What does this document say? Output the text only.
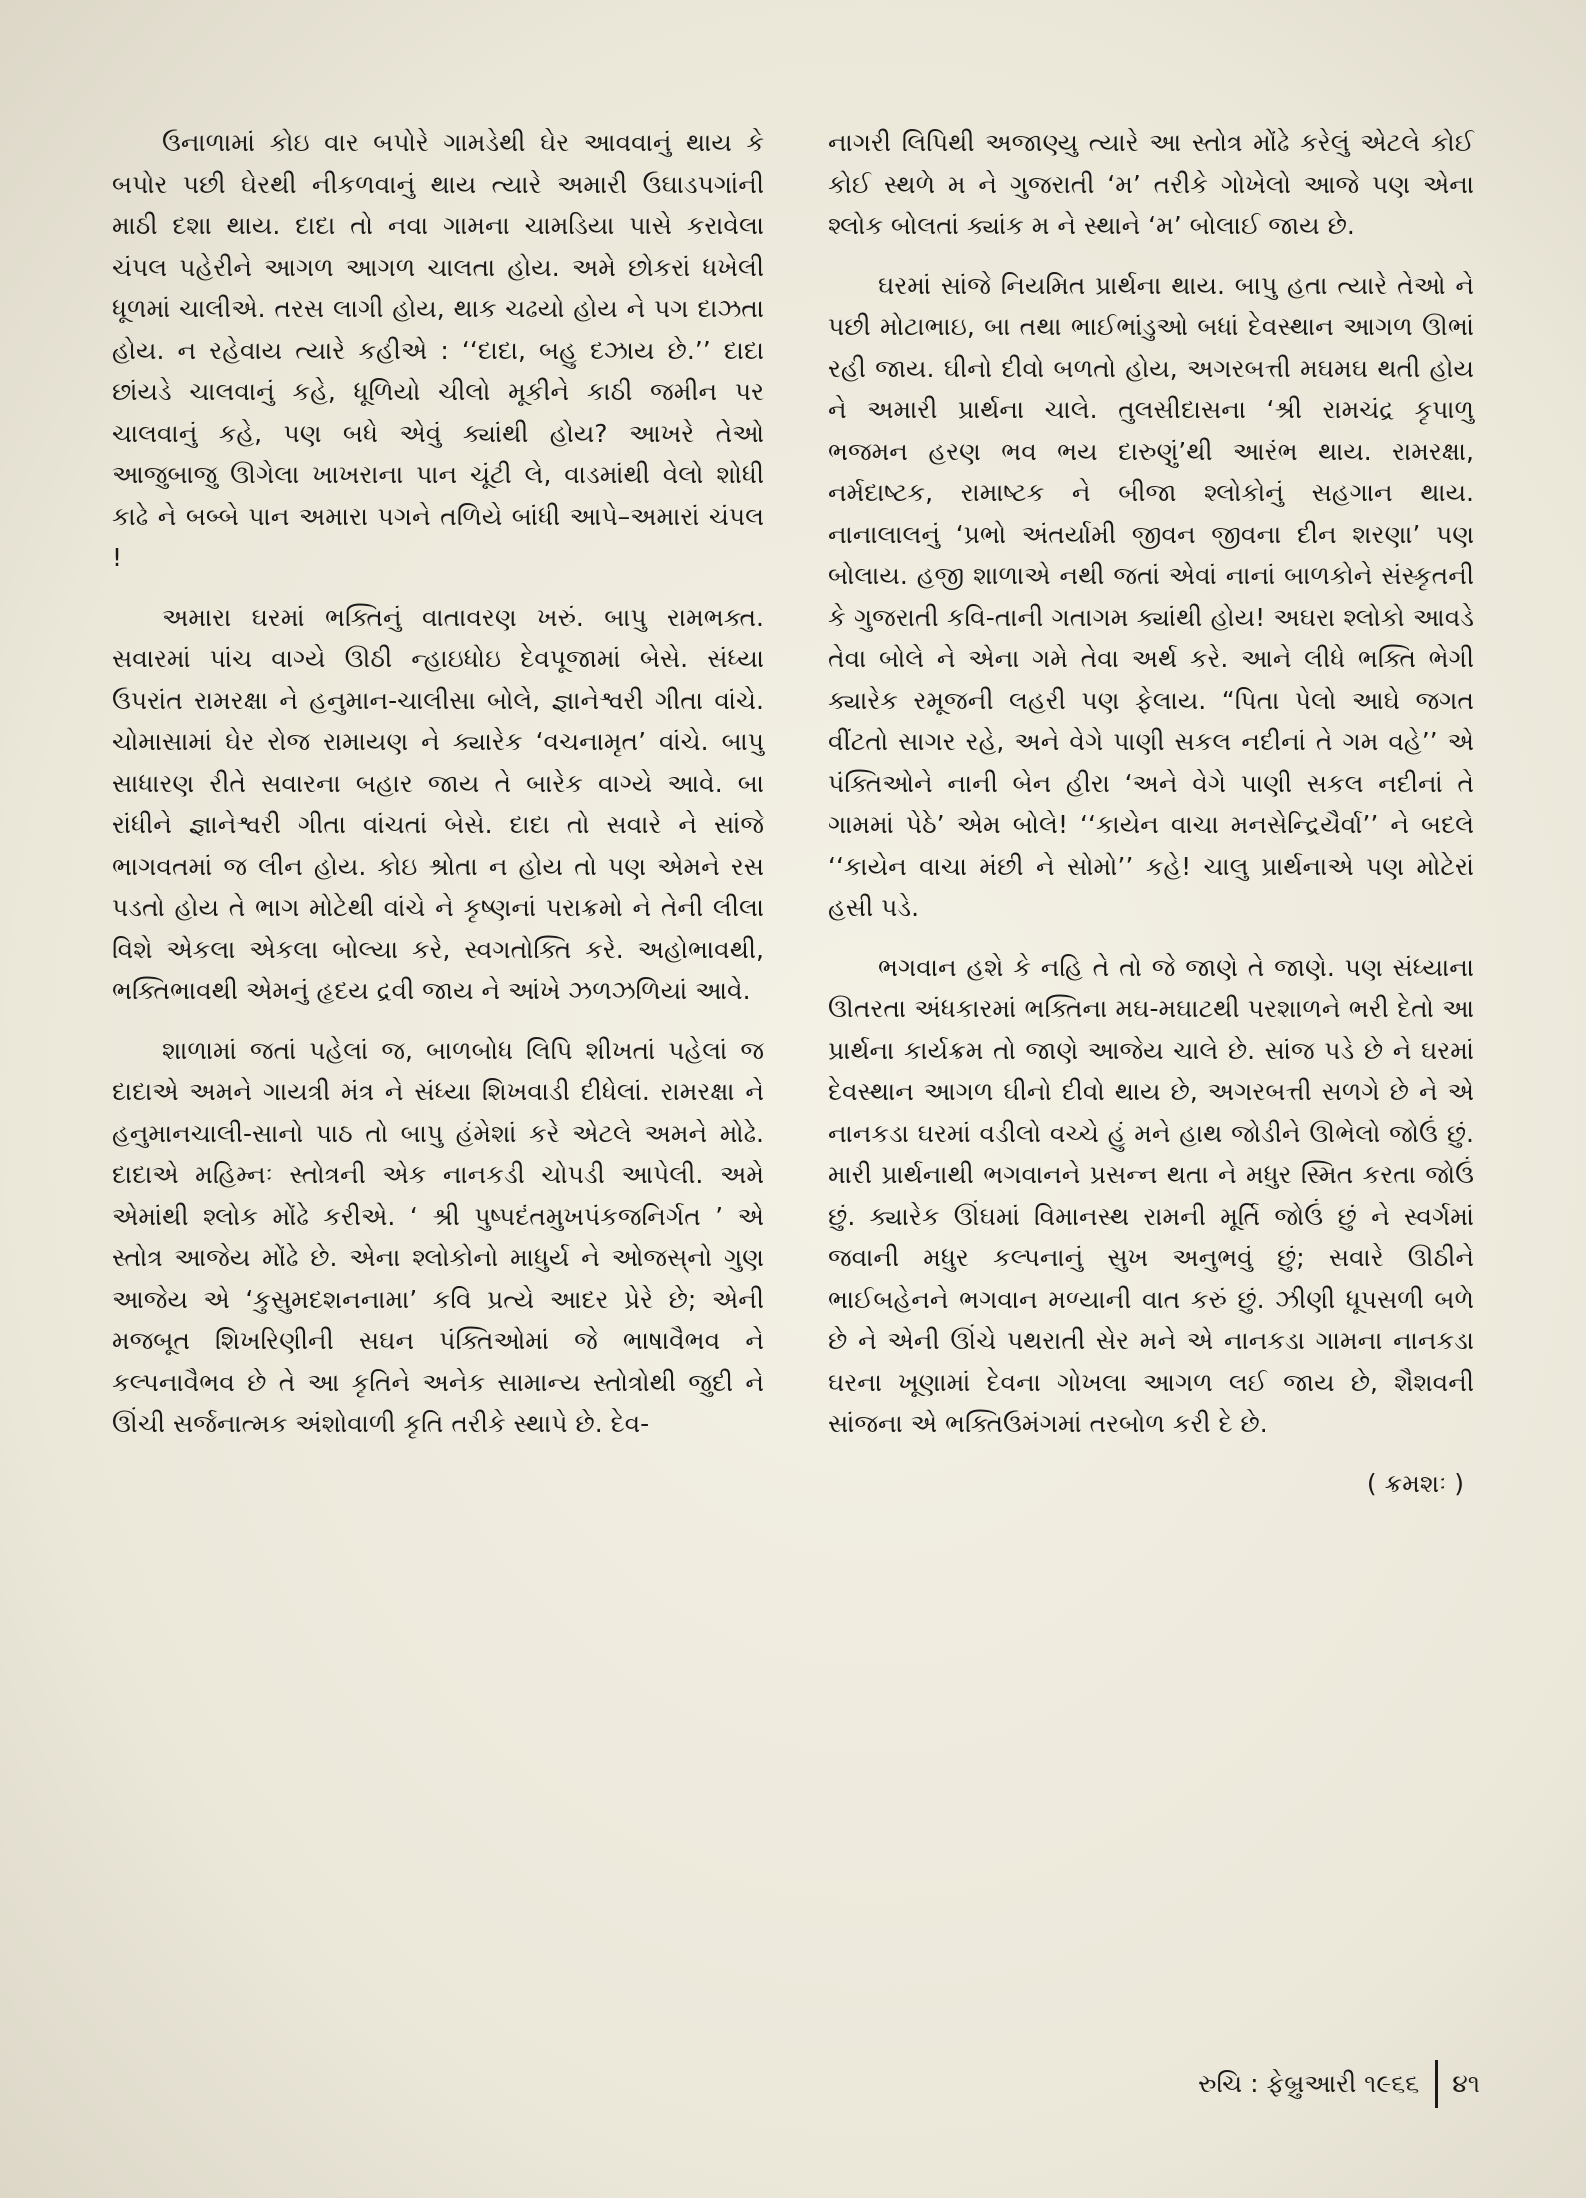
ઉનાળામાં કોઇ વાર બપોરે ગામડેથી ઘેર આવવાનું થાય કે બપોર પછી ઘેરથી નીકળવાનું થાય ત્યારે અમારી ઉઘાડપગાંની માઠી દશા થાય. દાદા તો નવા ગામના ચામડિયા પાસે કરાવેલા ચંપલ પહેરીને આગળ આગળ ચાલતા હોય. અમે છોકરાં ધખેલી ધૂળમાં ચાલીએ. તરસ લાગી હોય, થાક ચઢયો હોય ને પગ દાઝતા હોય. ન રહેવાય ત્યારે કહીએ : ‘‘દાદા, બહુ દઝાય છે.’’ દાદા છાંયડે ચાલવાનું કહે, ધૂળિયો ચીલો મૂકીને કાઠી જમીન પર ચાલવાનું કહે, પણ બધે એવું ક્યાંથી હોય? આખરે તેઓ આજુબાજુ ઊગેલા ખાખરાના પાન ચૂંટી લે, વાડમાંથી વેલો શોધી કાઢે ને બબ્બે પાન અમારા પગને તળિયે બાંધી આપે–અમારાં ચંપલ !

અમારા ઘરમાં ભક્તિનું વાતાવરણ ખરું. બાપુ રામભક્ત. સવારમાં પાંચ વાગ્યે ઊઠી ન્હાઇધોઇ દેવપૂજામાં બેસે. સંધ્યા ઉપરાંત રામરક્ષા ને હનુમાન-ચાલીસા બોલે, જ્ઞાનેશ્વરી ગીતા વાંચે. ચોમાસામાં ઘેર રોજ રામાયણ ને ક્યારેક ‘વચનામૃત’ વાંચે. બાપુ સાધારણ રીતે સવારના બહાર જાય તે બારેક વાગ્યે આવે. બા રાંધીને જ્ઞાનેશ્વરી ગીતા વાંચતાં બેસે. દાદા તો સવારે ને સાંજે ભાગવતમાં જ લીન હોય. કોઇ શ્રોતા ન હોય તો પણ એમને રસ પડતો હોય તે ભાગ મોટેથી વાંચે ને કૃષ્ણનાં પરાક્રમો ને તેની લીલા વિશે એકલા એકલા બોલ્યા કરે, સ્વગતોક્તિ કરે. અહોભાવથી, ભક્તિભાવથી એમનું હૃદય દ્રવી જાય ને આંખે ઝળઝળિયાં આવે.

શાળામાં જતાં પહેલાં જ, બાળબોધ લિપિ શીખતાં પહેલાં જ દાદાએ અમને ગાયત્રી મંત્ર ને સંધ્યા શિખવાડી દીધેલાં. રામરક્ષા ને હનુમાનચાલી-સાનો પાઠ તો બાપુ હંમેશાં કરે એટલે અમને મોઢે. દાદાએ મહિમ્નઃ સ્તોત્રની એક નાનકડી ચોપડી આપેલી. અમે એમાંથી શ્લોક મોંઢે કરીએ. ‘ શ્રી પુષ્પદંતમુખપંકજનિર્ગત ’ એ સ્તોત્ર આજેય મોંઢે છે. એના શ્લોકોનો માધુર્ય ને ઓજસ્‌નો ગુણ આજેય એ ‘કુસુમદશનનામા’ કવિ પ્રત્યે આદર પ્રેરે છે; એની મજબૂત શિખરિણીની સઘન પંક્તિઓમાં જે ભાષાવૈભવ ને કલ્પનાવૈભવ છે તે આ કૃતિને અનેક સામાન્ય સ્તોત્રોથી જુદી ને ઊંચી સર્જનાત્મક અંશોવાળી કૃતિ તરીકે સ્થાપે છે. દેવ-

નાગરી લિપિથી અજાણ્યુ ત્યારે આ સ્તોત્ર મોંઢે કરેલું એટલે કોઈ કોઈ સ્થળે મ ને ગુજરાતી ‘મ’ તરીકે ગોખેલો આજે પણ એના શ્લોક બોલતાં ક્યાંક મ ને સ્થાને ‘મ’ બોલાઈ જાય છે.

ઘરમાં સાંજે નિયમિત પ્રાર્થના થાય. બાપુ હતા ત્યારે તેઓ ને પછી મોટાભાઇ, બા તથા ભાઈભાંડુઓ બધાં દેવસ્થાન આગળ ઊભાં રહી જાય. ઘીનો દીવો બળતો હોય, અગરબત્તી મઘમઘ થતી હોય ને અમારી પ્રાર્થના ચાલે. તુલસીદાસના ‘શ્રી રામચંદ્ર કૃપાળુ ભજમન હરણ ભવ ભય દારુણું’થી આરંભ થાય. રામરક્ષા, નર્મદાષ્ટક, રામાષ્ટક ને બીજા શ્લોકોનું સહગાન થાય. નાનાલાલનું ‘પ્રભો અંતર્યામી જીવન જીવના દીન શરણા’ પણ બોલાય. હજી શાળાએ નથી જતાં એવાં નાનાં બાળકોને સંસ્કૃતની કે ગુજરાતી કવિ-તાની ગતાગમ ક્યાંથી હોય! અઘરા શ્લોકો આવડે તેવા બોલે ને એના ગમે તેવા અર્થ કરે. આને લીધે ભક્તિ ભેગી ક્યારેક રમૂજની લહરી પણ ફેલાય. “પિતા પેલો આઘે જગત વીંટતો સાગર રહે, અને વેગે પાણી સકલ નદીનાં તે ગમ વહે’’ એ પંક્તિઓને નાની બેન હીરા ‘અને વેગે પાણી સકલ નદીનાં તે ગામમાં પેઠે’ એમ બોલે! ‘‘કાયેન વાચા મનસેન્દ્રિયૈર્વા’’ ને બદલે ‘‘કાયેન વાચા મંછી ને સોમો’’ કહે! ચાલુ પ્રાર્થનાએ પણ મોટેરાં હસી પડે.

ભગવાન હશે કે નહિ તે તો જે જાણે તે જાણે. પણ સંધ્યાના ઊતરતા અંધકારમાં ભક્તિના મઘ-મઘાટથી પરશાળને ભરી દેતો આ પ્રાર્થના કાર્યક્રમ તો જાણે આજેય ચાલે છે. સાંજ પડે છે ને ઘરમાં દેવસ્થાન આગળ ઘીનો દીવો થાય છે, અગરબત્તી સળગે છે ને એ નાનકડા ઘરમાં વડીલો વચ્ચે હું મને હાથ જોડીને ઊભેલો જોઉં છું. મારી પ્રાર્થનાથી ભગવાનને પ્રસન્ન થતા ને મધુર સ્મિત કરતા જોઉં છું. ક્યારેક ઊંઘમાં વિમાનસ્થ રામની મૂર્તિ જોઉં છું ને સ્વર્ગમાં જવાની મધુર કલ્પનાનું સુખ અનુભવું છું; સવારે ઊઠીને ભાઈબહેનને ભગવાન મળ્યાની વાત કરું છું. ઝીણી ધૂપસળી બળે છે ને એની ઊંચે પથરાતી સેર મને એ નાનકડા ગામના નાનકડા ઘરના ખૂણામાં દેવના ગોખલા આગળ લઈ જાય છે, શૈશવની સાંજના એ ભક્તિઉમંગમાં તરબોળ કરી દે છે.

( ક્રમશઃ )
રુચિ : ફેબ્રુઆરી ૧૯૬૬ ૪૧
